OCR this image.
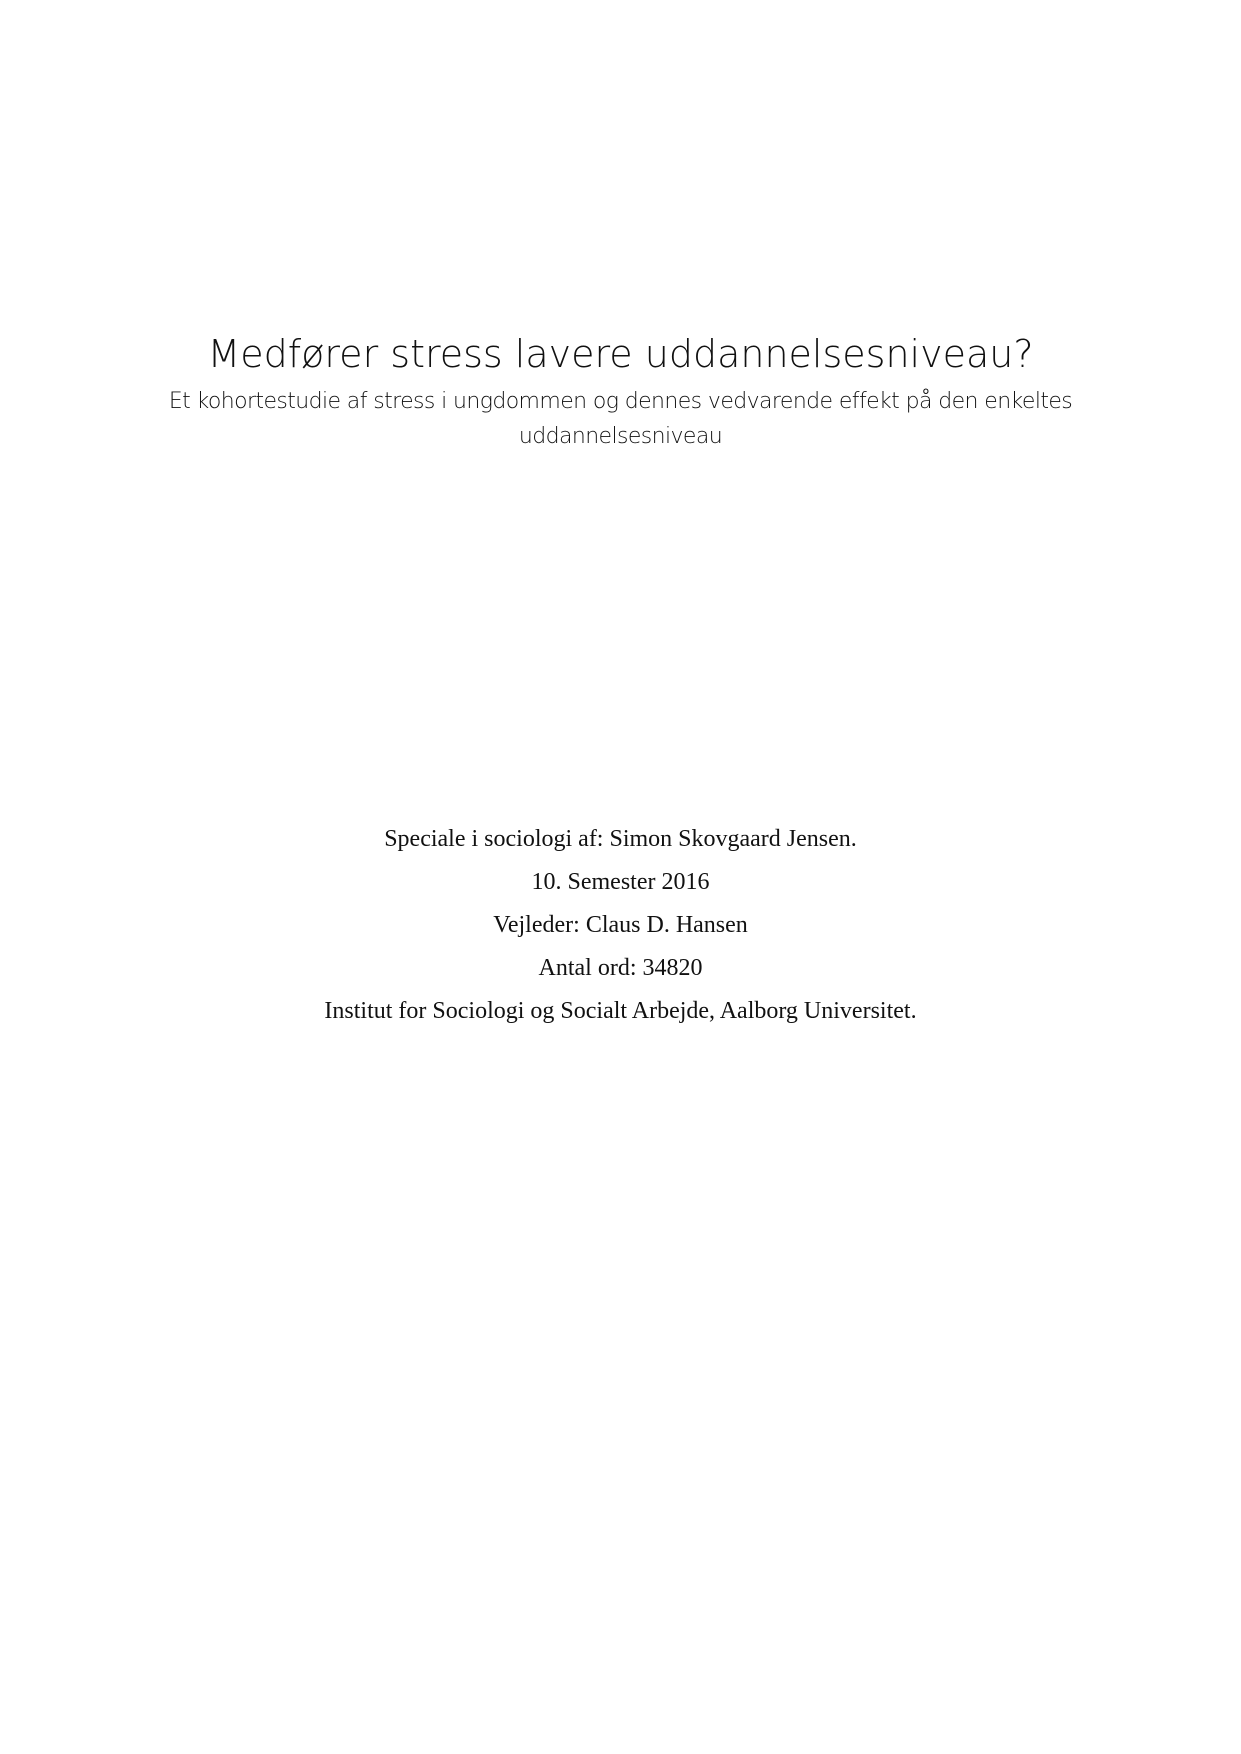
Medfører stress lavere uddannelsesniveau?

Et kohortestudie af stress i ungdommen og dennes vedvarende effekt på den enkeltes uddannelsesniveau

Speciale i sociologi af: Simon Skovgaard Jensen.
10. Semester 2016
Vejleder: Claus D. Hansen
Antal ord: 34820
Institut for Sociologi og Socialt Arbejde, Aalborg Universitet.
